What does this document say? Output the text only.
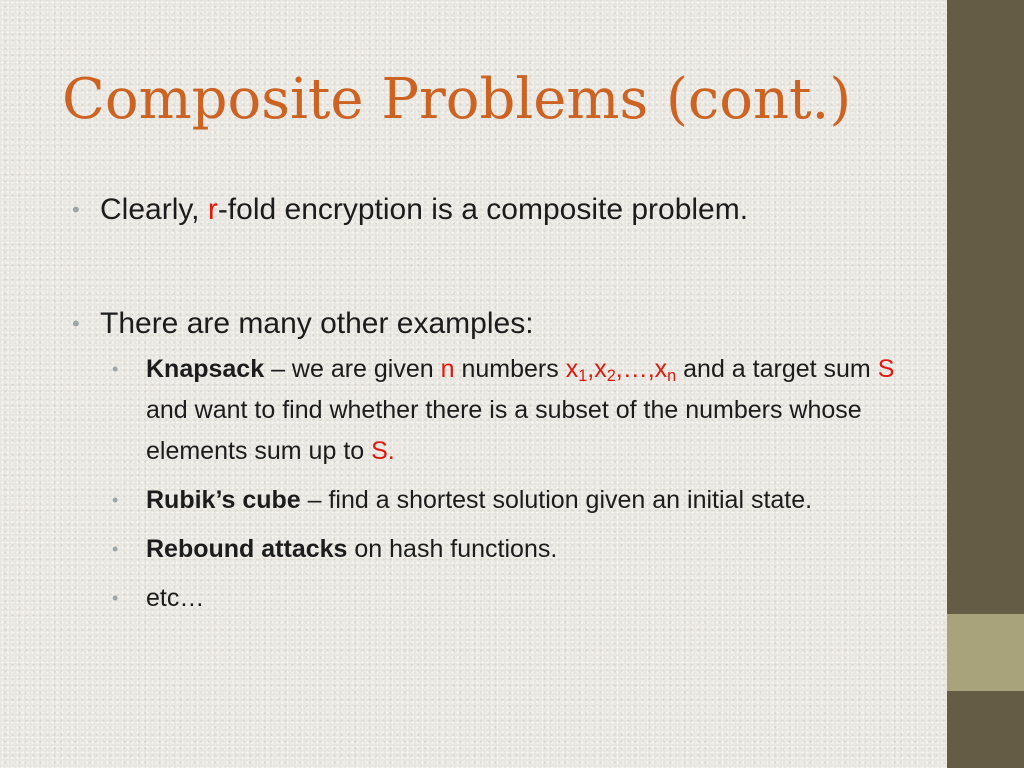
Composite Problems (cont.)

• Clearly, r-fold encryption is a composite problem.

• There are many other examples:

• Knapsack – we are given n numbers $x_1,x_2,\dots,x_n$ and a target sum S and want to find whether there is a subset of the numbers whose elements sum up to S.

• Rubik’s cube – find a shortest solution given an initial state.

• Rebound attacks on hash functions.

• etc…
